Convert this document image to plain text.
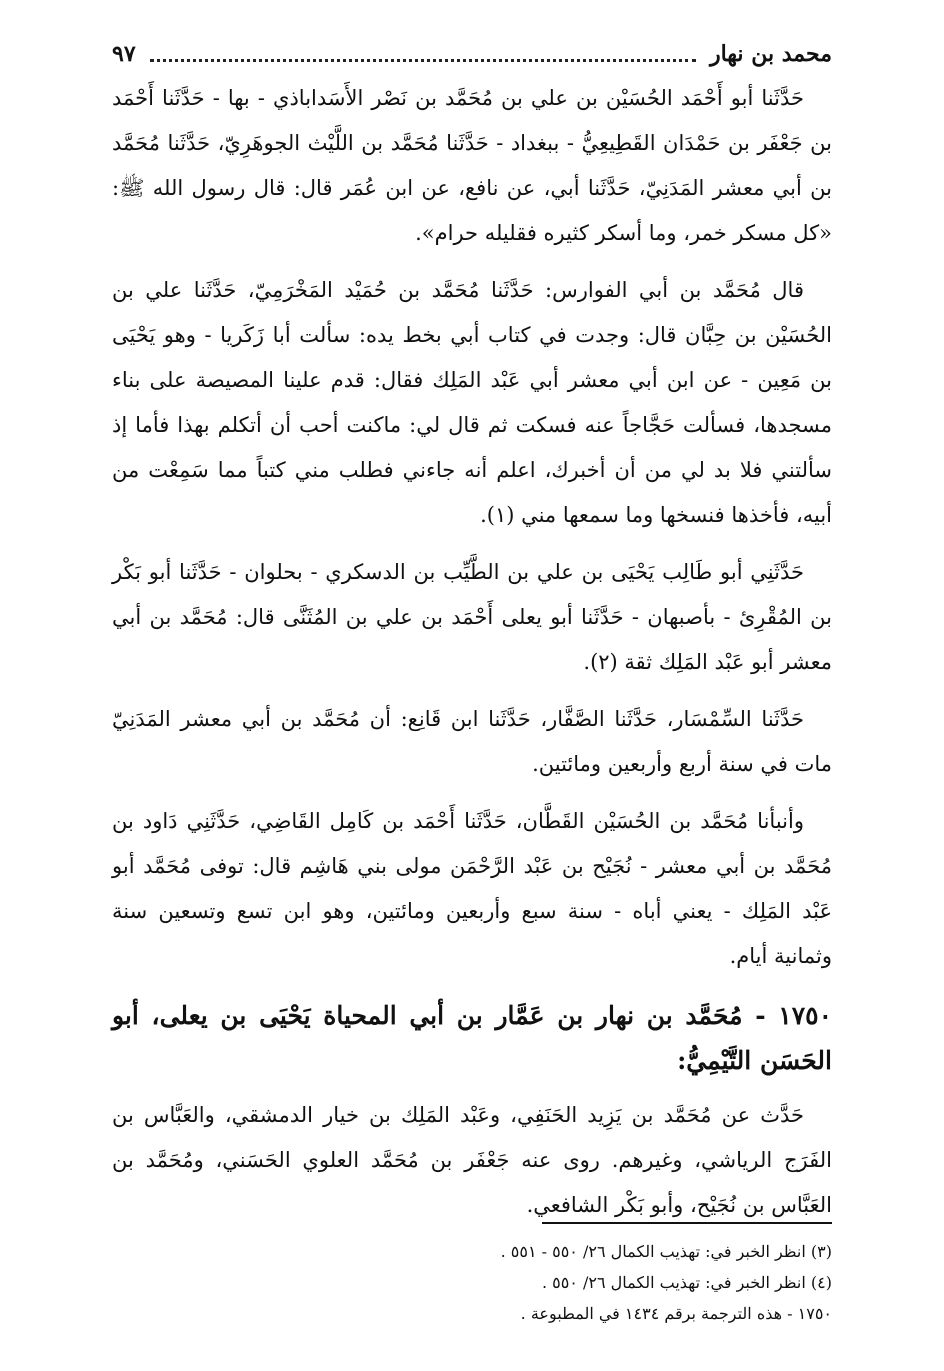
محمد بن نهار
٩٧

حَدَّثَنا أبو أَحْمَد الحُسَيْن بن علي بن مُحَمَّد بن نَصْر الأَسَداباذي - بها - حَدَّثَنا أَحْمَد بن جَعْفَر بن حَمْدَان القَطِيعِيُّ - ببغداد - حَدَّثَنا مُحَمَّد بن اللَّيْث الجوهَرِيّ، حَدَّثَنا مُحَمَّد بن أبي معشر المَدَنِيّ، حَدَّثَنا أبي، عن نافع، عن ابن عُمَر قال: قال رسول الله ﷺ: «كل مسكر خمر، وما أسكر كثيره فقليله حرام».

قال مُحَمَّد بن أبي الفوارس: حَدَّثَنا مُحَمَّد بن حُمَيْد المَخْرَمِيّ، حَدَّثَنا علي بن الحُسَيْن بن حِبَّان قال: وجدت في كتاب أبي بخط يده: سألت أبا زَكَريا - وهو يَحْيَى بن مَعِين - عن ابن أبي معشر أبي عَبْد المَلِك فقال: قدم علينا المصيصة على بناء مسجدها، فسألت حَجَّاجاً عنه فسكت ثم قال لي: ماكنت أحب أن أتكلم بهذا فأما إذ سألتني فلا بد لي من أن أخبرك، اعلم أنه جاءني فطلب مني كتباً مما سَمِعْت من أبيه، فأخذها فنسخها وما سمعها مني (١).

حَدَّثَنِي أبو طَالِب يَحْيَى بن علي بن الطَّيِّب بن الدسكري - بحلوان - حَدَّثَنا أبو بَكْر بن المُقْرِئ - بأصبهان - حَدَّثَنا أبو يعلى أَحْمَد بن علي بن المُثَنَّى قال: مُحَمَّد بن أبي معشر أبو عَبْد المَلِك ثقة (٢).

حَدَّثَنا السِّمْسَار، حَدَّثَنا الصَّفَّار، حَدَّثَنا ابن قَانِع: أن مُحَمَّد بن أبي معشر المَدَنِيّ مات في سنة أربع وأربعين ومائتين.

وأنبأنا مُحَمَّد بن الحُسَيْن القَطَّان، حَدَّثَنا أَحْمَد بن كَامِل القَاضِي، حَدَّثَنِي دَاود بن مُحَمَّد بن أبي معشر - نُجَيْح بن عَبْد الرَّحْمَن مولى بني هَاشِم قال: توفى مُحَمَّد أبو عَبْد المَلِك - يعني أباه - سنة سبع وأربعين ومائتين، وهو ابن تسع وتسعين سنة وثمانية أيام.

١٧٥٠ - مُحَمَّد بن نهار بن عَمَّار بن أبي المحياة يَحْيَى بن يعلى، أبو الحَسَن التَّيْمِيُّ:

حَدَّث عن مُحَمَّد بن يَزِيد الحَنَفِي، وعَبْد المَلِك بن خيار الدمشقي، والعَبَّاس بن الفَرَج الرياشي، وغيرهم. روى عنه جَعْفَر بن مُحَمَّد العلوي الحَسَني، ومُحَمَّد بن العَبَّاس بن نُجَيْح، وأبو بَكْر الشافعي.

(٣) انظر الخبر في: تهذيب الكمال ٢٦/ ٥٥٠ - ٥٥١ .

(٤) انظر الخبر في: تهذيب الكمال ٢٦/ ٥٥٠ .

١٧٥٠ - هذه الترجمة برقم ١٤٣٤ في المطبوعة .
